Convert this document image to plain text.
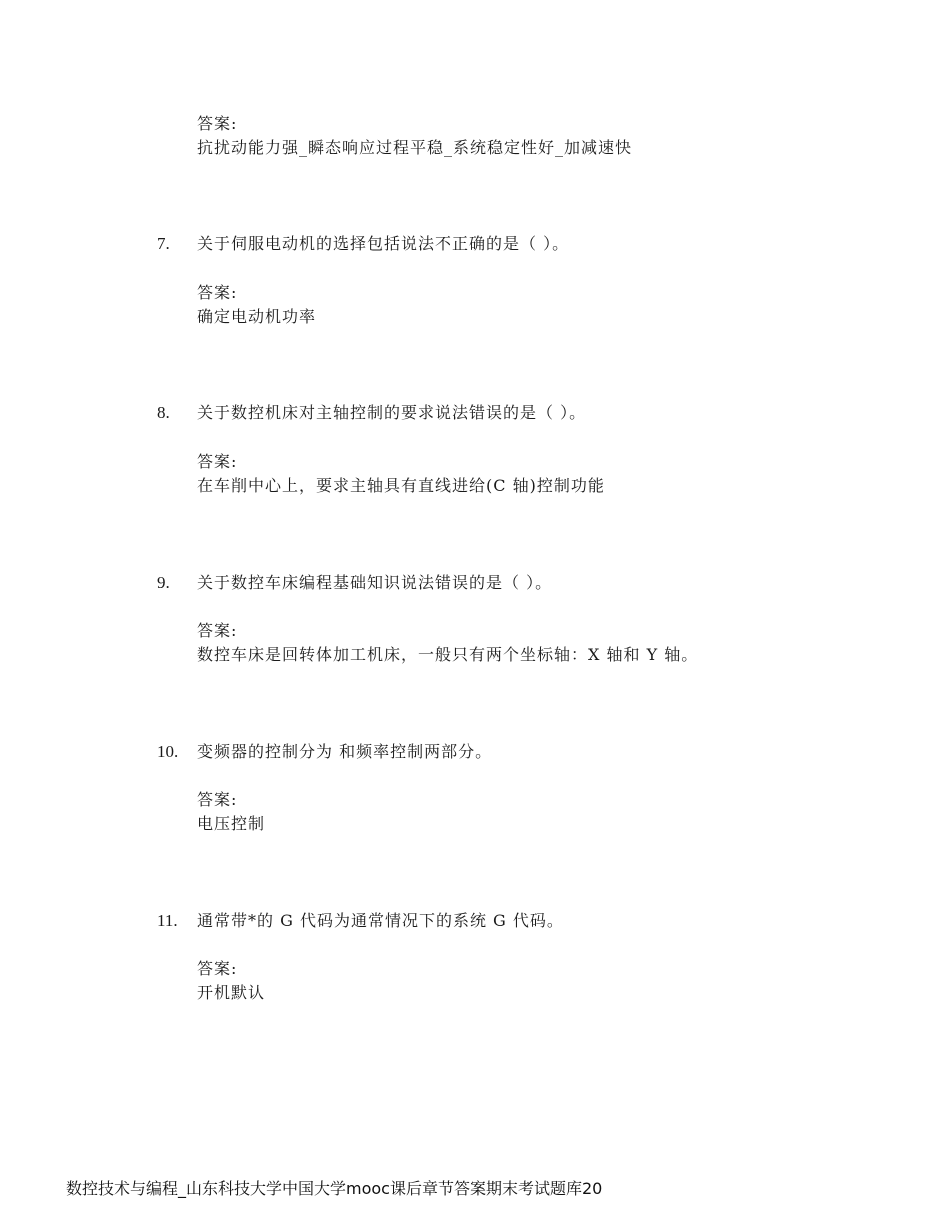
答案:
抗扰动能力强_瞬态响应过程平稳_系统稳定性好_加减速快
7.	关于伺服电动机的选择包括说法不正确的是（ ）。
答案:
确定电动机功率
8.	关于数控机床对主轴控制的要求说法错误的是（ ）。
答案:
在车削中心上，要求主轴具有直线进给(C 轴)控制功能
9.	关于数控车床编程基础知识说法错误的是（ ）。
答案:
数控车床是回转体加工机床，一般只有两个坐标轴：X 轴和 Y 轴。
10.	变频器的控制分为 和频率控制两部分。
答案:
电压控制
11.	通常带*的 G 代码为通常情况下的系统 G 代码。
答案:
开机默认
数控技术与编程_山东科技大学中国大学mooc课后章节答案期末考试题库20
